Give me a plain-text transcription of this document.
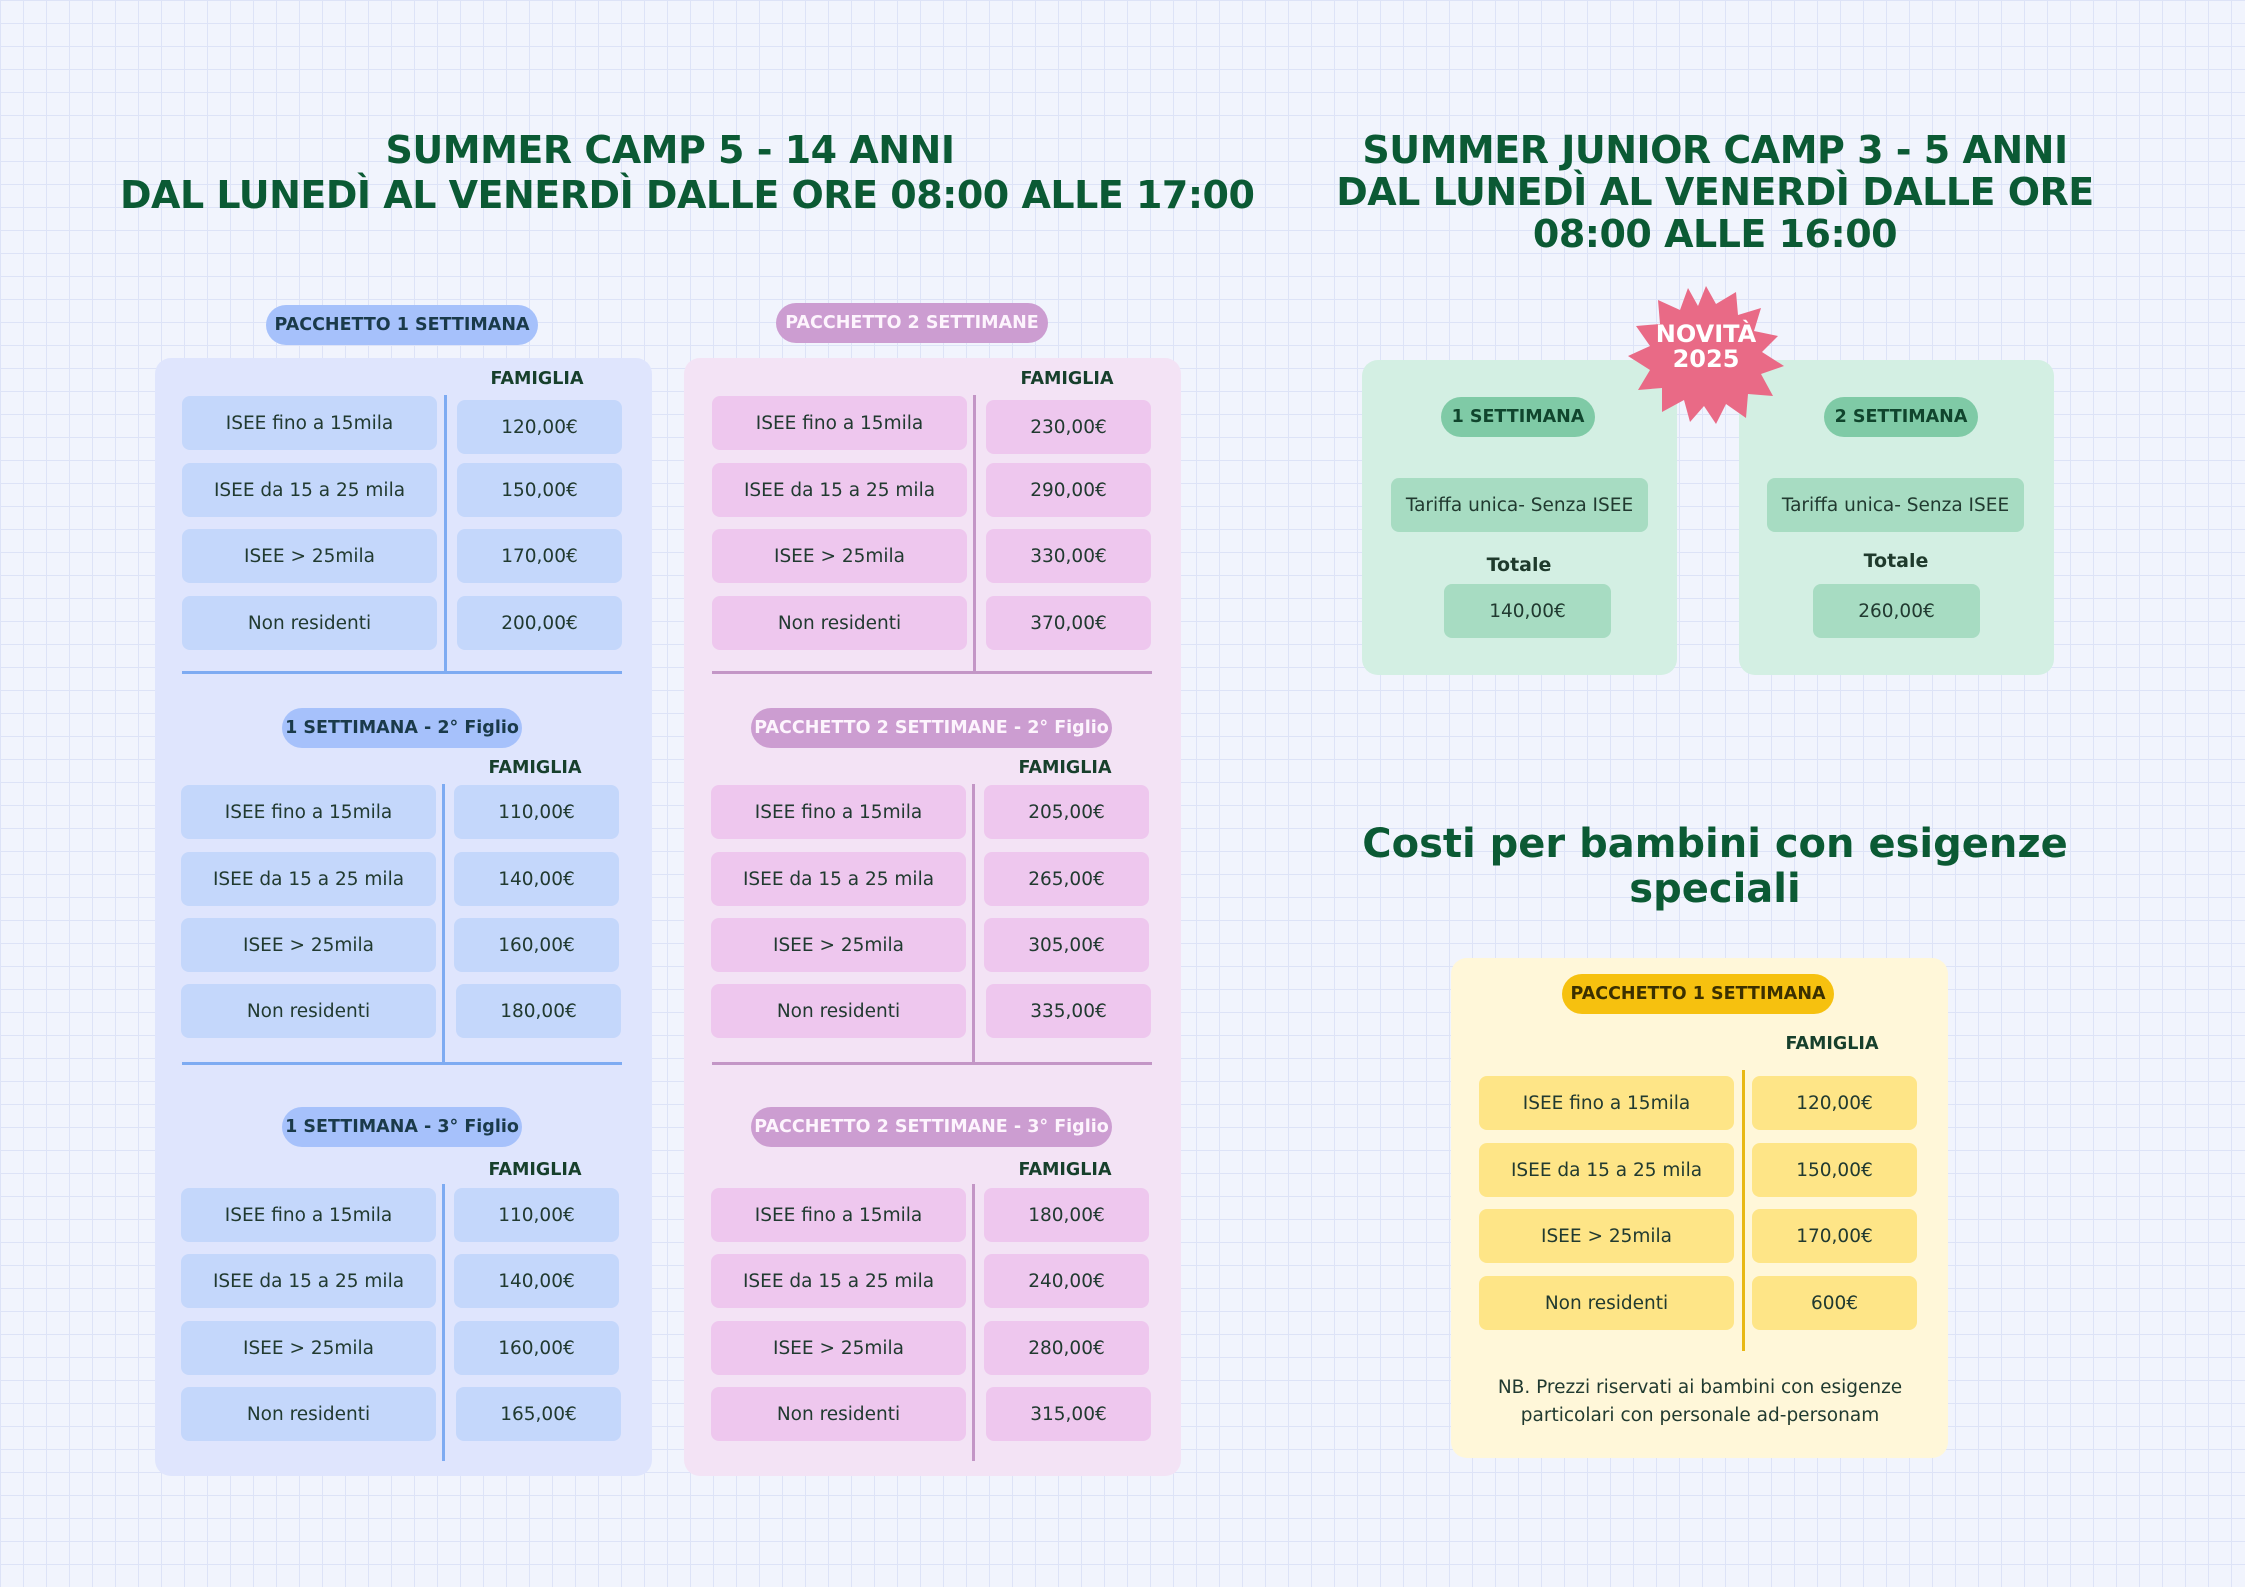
SUMMER CAMP 5 - 14 ANNI
DAL LUNEDÌ AL VENERDÌ DALLE ORE 08:00 ALLE 17:00
PACCHETTO 1 SETTIMANA
FAMIGLIA
ISEE fino a 15mila	120,00€
ISEE da 15 a 25 mila	150,00€
ISEE > 25mila	170,00€
Non residenti	200,00€
1 SETTIMANA - 2° Figlio
FAMIGLIA
ISEE fino a 15mila	110,00€
ISEE da 15 a 25 mila	140,00€
ISEE > 25mila	160,00€
Non residenti	180,00€
1 SETTIMANA - 3° Figlio
FAMIGLIA
ISEE fino a 15mila	110,00€
ISEE da 15 a 25 mila	140,00€
ISEE > 25mila	160,00€
Non residenti	165,00€
PACCHETTO 2 SETTIMANE
FAMIGLIA
ISEE fino a 15mila	230,00€
ISEE da 15 a 25 mila	290,00€
ISEE > 25mila	330,00€
Non residenti	370,00€
PACCHETTO 2 SETTIMANE - 2° Figlio
FAMIGLIA
ISEE fino a 15mila	205,00€
ISEE da 15 a 25 mila	265,00€
ISEE > 25mila	305,00€
Non residenti	335,00€
PACCHETTO 2 SETTIMANE - 3° Figlio
FAMIGLIA
ISEE fino a 15mila	180,00€
ISEE da 15 a 25 mila	240,00€
ISEE > 25mila	280,00€
Non residenti	315,00€
SUMMER JUNIOR CAMP 3 - 5 ANNI
DAL LUNEDÌ AL VENERDÌ DALLE ORE
08:00 ALLE 16:00
1 SETTIMANA
Tariffa unica- Senza ISEE
Totale
140,00€
2 SETTIMANA
Tariffa unica- Senza ISEE
Totale
260,00€
NOVITÀ
2025
Costi per bambini con esigenze
speciali
PACCHETTO 1 SETTIMANA
FAMIGLIA
ISEE fino a 15mila	120,00€
ISEE da 15 a 25 mila	150,00€
ISEE > 25mila	170,00€
Non residenti	600€
NB. Prezzi riservati ai bambini con esigenze
particolari con personale ad-personam
